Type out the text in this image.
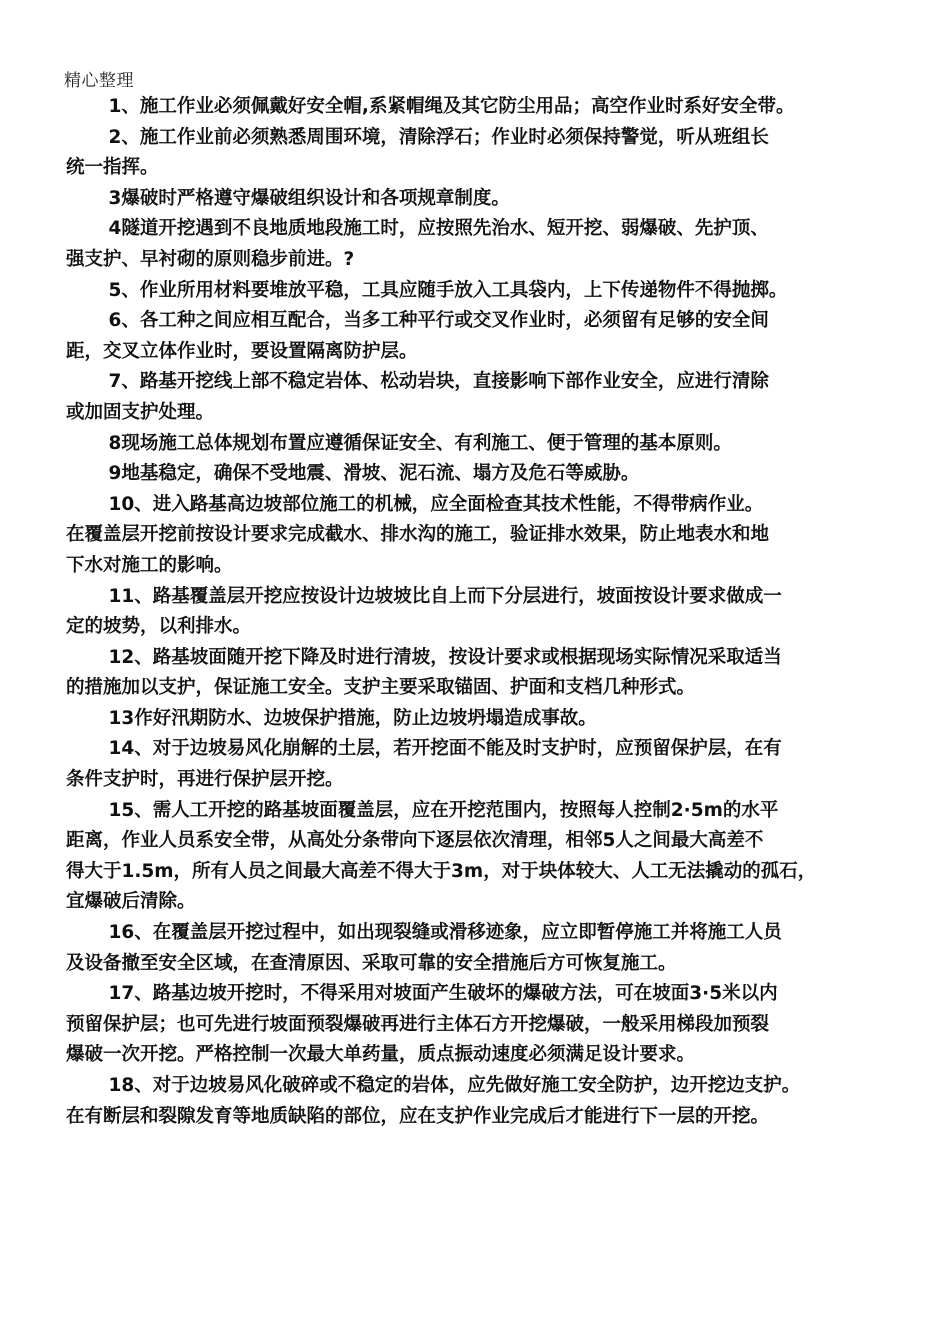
精心整理

1、施工作业必须佩戴好安全帽,系紧帽绳及其它防尘用品；高空作业时系好安全带。

2、施工作业前必须熟悉周围环境，清除浮石；作业时必须保持警觉，听从班组长

统一指挥。

3爆破时严格遵守爆破组织设计和各项规章制度。

4隧道开挖遇到不良地质地段施工时，应按照先治水、短开挖、弱爆破、先护顶、

强支护、早衬砌的原则稳步前进。?

5、作业所用材料要堆放平稳，工具应随手放入工具袋内，上下传递物件不得抛掷。

6、各工种之间应相互配合，当多工种平行或交叉作业时，必须留有足够的安全间

距，交叉立体作业时，要设置隔离防护层。

7、路基开挖线上部不稳定岩体、松动岩块，直接影响下部作业安全，应进行清除

或加固支护处理。

8现场施工总体规划布置应遵循保证安全、有利施工、便于管理的基本原则。

9地基稳定，确保不受地震、滑坡、泥石流、塌方及危石等威胁。

10、进入路基高边坡部位施工的机械，应全面检查其技术性能，不得带病作业。

在覆盖层开挖前按设计要求完成截水、排水沟的施工，验证排水效果，防止地表水和地

下水对施工的影响。

11、路基覆盖层开挖应按设计边坡坡比自上而下分层进行，坡面按设计要求做成一

定的坡势，以利排水。

12、路基坡面随开挖下降及时进行清坡，按设计要求或根据现场实际情况采取适当

的措施加以支护，保证施工安全。支护主要采取锚固、护面和支档几种形式。

13作好汛期防水、边坡保护措施，防止边坡坍塌造成事故。

14、对于边坡易风化崩解的土层，若开挖面不能及时支护时，应预留保护层，在有

条件支护时，再进行保护层开挖。

15、需人工开挖的路基坡面覆盖层，应在开挖范围内，按照每人控制2·5m的水平

距离，作业人员系安全带，从高处分条带向下逐层依次清理，相邻5人之间最大高差不

得大于1.5m，所有人员之间最大高差不得大于3m，对于块体较大、人工无法撬动的孤石，

宜爆破后清除。

16、在覆盖层开挖过程中，如出现裂缝或滑移迹象，应立即暂停施工并将施工人员

及设备撤至安全区域，在查清原因、采取可靠的安全措施后方可恢复施工。

17、路基边坡开挖时，不得采用对坡面产生破坏的爆破方法，可在坡面3·5米以内

预留保护层；也可先进行坡面预裂爆破再进行主体石方开挖爆破，一般采用梯段加预裂

爆破一次开挖。严格控制一次最大单药量，质点振动速度必须满足设计要求。

18、对于边坡易风化破碎或不稳定的岩体，应先做好施工安全防护，边开挖边支护。

在有断层和裂隙发育等地质缺陷的部位，应在支护作业完成后才能进行下一层的开挖。
